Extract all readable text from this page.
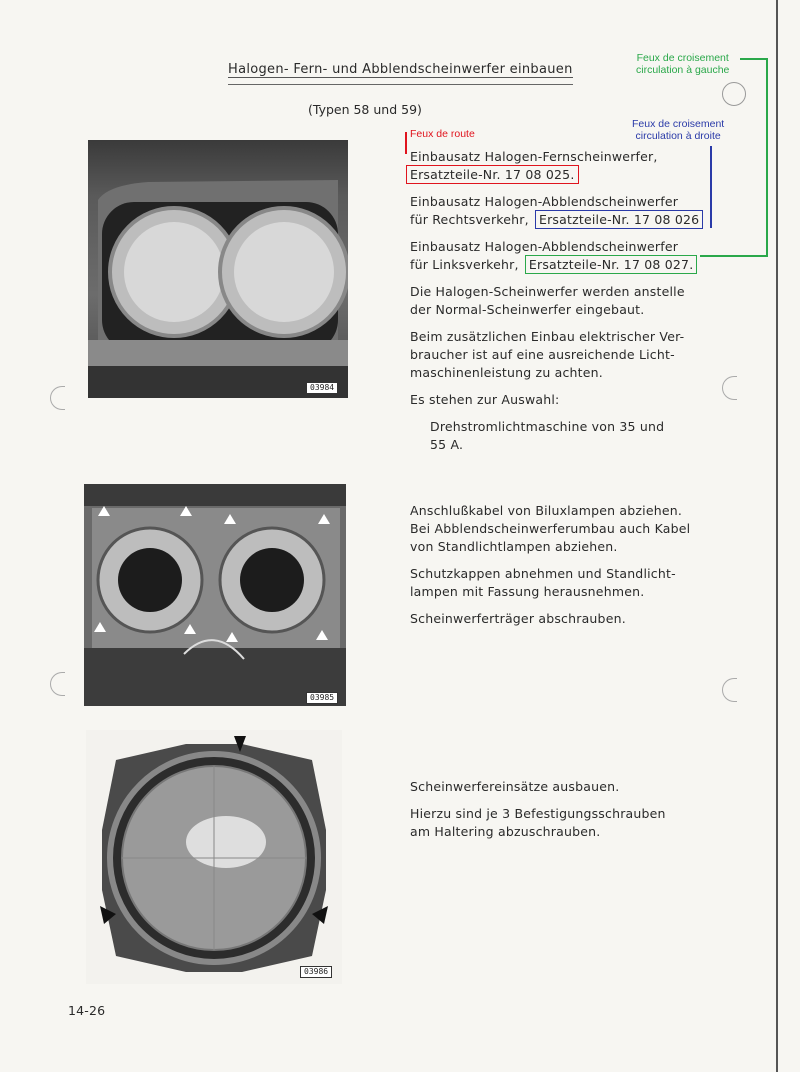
Halogen- Fern- und Abblendscheinwerfer einbauen
(Typen 58 und 59)
Feux de route
Feux de croisement
circulation à droite
Feux de croisement
circulation à gauche
03984
Einbausatz Halogen-Fernscheinwerfer,
Ersatzteile-Nr. 17 08 025.
Einbausatz Halogen-Abblendscheinwerfer
für Rechtsverkehr, Ersatzteile-Nr. 17 08 026
Einbausatz Halogen-Abblendscheinwerfer
für Linksverkehr, Ersatzteile-Nr. 17 08 027.
Die Halogen-Scheinwerfer werden anstelle
der Normal-Scheinwerfer eingebaut.
Beim zusätzlichen Einbau elektrischer Ver-
braucher ist auf eine ausreichende Licht-
maschinenleistung zu achten.
Es stehen zur Auswahl:
Drehstromlichtmaschine von 35 und
55 A.
03985
Anschlußkabel von Biluxlampen abziehen.
Bei Abblendscheinwerferumbau auch Kabel
von Standlichtlampen abziehen.
Schutzkappen abnehmen und Standlicht-
lampen mit Fassung herausnehmen.
Scheinwerferträger abschrauben.
03986
Scheinwerfereinsätze ausbauen.
Hierzu sind je 3 Befestigungsschrauben
am Haltering abzuschrauben.
14-26
